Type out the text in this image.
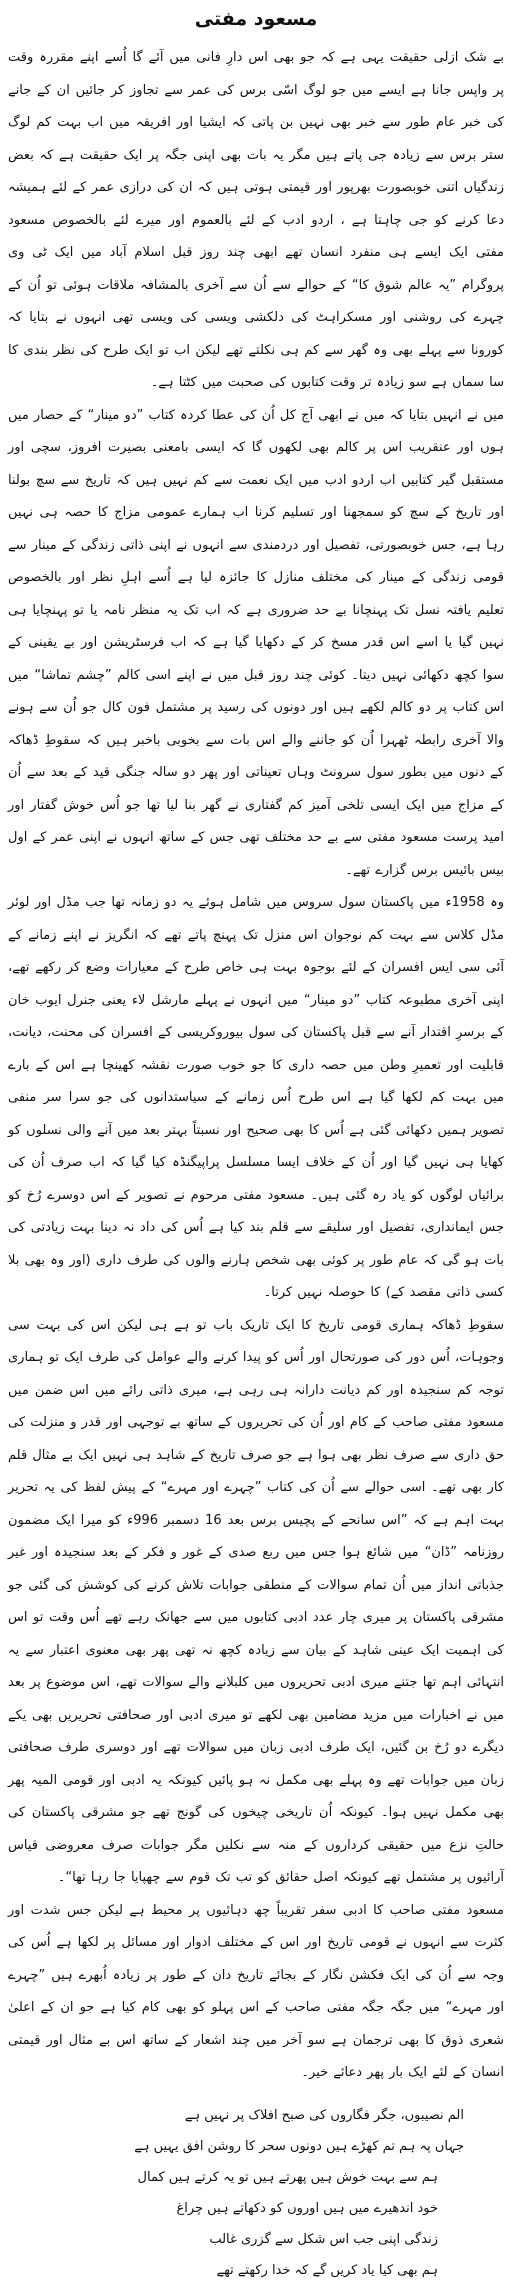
مسعود مفتی

بے شک ازلی حقیقت یہی ہے کہ جو بھی اس دارِ فانی میں آئے گا اُسے اپنے مقررہ وقت پر واپس جانا ہے ایسے میں جو لوگ اسّی برس کی عمر سے تجاوز کر جائیں ان کے جانے کی خبر عام طور سے خبر بھی نہیں بن پاتی کہ ایشیا اور افریقہ میں اب بہت کم لوگ ستر برس سے زیادہ جی پاتے ہیں مگر یہ بات بھی اپنی جگہ پر ایک حقیقت ہے کہ بعض زندگیاں اتنی خوبصورت بھرپور اور قیمتی ہوتی ہیں کہ ان کی درازی عمر کے لئے ہمیشہ دعا کرنے کو جی چاہتا ہے ، اردو ادب کے لئے بالعموم اور میرے لئے بالخصوص مسعود مفتی ایک ایسے ہی منفرد انسان تھے ابھی چند روز قبل اسلام آباد میں ایک ٹی وی پروگرام ”یہ عالم شوق کا“ کے حوالے سے اُن سے آخری بالمشافہ ملاقات ہوئی تو اُن کے چہرے کی روشنی اور مسکراہٹ کی دلکشی ویسی کی ویسی تھی انہوں نے بتایا کہ کورونا سے پہلے بھی وہ گھر سے کم ہی نکلتے تھے لیکن اب تو ایک طرح کی نظر بندی کا سا سماں ہے سو زیادہ تر وقت کتابوں کی صحبت میں کٹتا ہے۔

میں نے انہیں بتایا کہ میں نے ابھی آج کل اُن کی عطا کردہ کتاب ”دو مینار“ کے حصار میں ہوں اور عنقریب اس پر کالم بھی لکھوں گا کہ ایسی بامعنی بصیرت افروز، سچی اور مستقبل گیر کتابیں اب اردو ادب میں ایک نعمت سے کم نہیں ہیں کہ تاریخ سے سچ بولنا اور تاریخ کے سچ کو سمجھنا اور تسلیم کرنا اب ہمارے عمومی مزاج کا حصہ ہی نہیں رہا ہے، جس خوبصورتی، تفصیل اور دردمندی سے انہوں نے اپنی ذاتی زندگی کے مینار سے قومی زندگی کے مینار کی مختلف منازل کا جائزہ لیا ہے اُسے اہلِ نظر اور بالخصوص تعلیم یافتہ نسل تک پہنچانا بے حد ضروری ہے کہ اب تک یہ منظر نامہ یا تو پہنچایا ہی نہیں گیا یا اسے اس قدر مسخ کر کے دکھایا گیا ہے کہ اب فرسٹریشن اور بے یقینی کے سوا کچھ دکھائی نہیں دیتا۔ کوئی چند روز قبل میں نے اپنے اسی کالم ”چشم تماشا“ میں اس کتاب پر دو کالم لکھے ہیں اور دونوں کی رسید پر مشتمل فون کال جو اُن سے ہونے والا آخری رابطہ ٹھہرا اُن کو جاننے والے اس بات سے بخوبی باخبر ہیں کہ سقوطِ ڈھاکہ کے دنوں میں بطور سول سرونٹ وہاں تعیناتی اور پھر دو سالہ جنگی قید کے بعد سے اُن کے مزاج میں ایک ایسی تلخی آمیز کم گفتاری نے گھر بنا لیا تھا جو اُس خوش گفتار اور امید پرست مسعود مفتی سے بے حد مختلف تھی جس کے ساتھ انہوں نے اپنی عمر کے اول بیس بائیس برس گزارے تھے۔

وہ 1958ء میں پاکستان سول سروس میں شامل ہوئے یہ دو زمانہ تھا جب مڈل اور لوئر مڈل کلاس سے بہت کم نوجوان اس منزل تک پہنچ پاتے تھے کہ انگریز نے اپنے زمانے کے آئی سی ایس افسران کے لئے بوجوہ بہت ہی خاص طرح کے معیارات وضع کر رکھے تھے، اپنی آخری مطبوعہ کتاب ”دو مینار“ میں انہوں نے پہلے مارشل لاء یعنی جنرل ایوب خان کے برسرِ اقتدار آنے سے قبل پاکستان کی سول بیوروکریسی کے افسران کی محنت، دیانت، قابلیت اور تعمیرِ وطن میں حصہ داری کا جو خوب صورت نقشہ کھینچا ہے اس کے بارے میں بہت کم لکھا گیا ہے اس طرح اُس زمانے کے سیاستدانوں کی جو سرا سر منفی تصویر ہمیں دکھائی گئی ہے اُس کا بھی صحیح اور نسبتاً بہتر بعد میں آنے والی نسلوں کو کھایا ہی نہیں گیا اور اُن کے خلاف ایسا مسلسل پراپیگنڈہ کیا گیا کہ اب صرف اُن کی برائیاں لوگوں کو یاد رہ گئی ہیں۔ مسعود مفتی مرحوم نے تصویر کے اس دوسرے رُخ کو جس ایمانداری، تفصیل اور سلیقے سے قلم بند کیا ہے اُس کی داد نہ دینا بہت زیادتی کی بات ہو گی کہ عام طور پر کوئی بھی شخص ہارنے والوں کی طرف داری (اور وہ بھی بلا کسی ذاتی مقصد کے) کا حوصلہ نہیں کرتا۔

سقوطِ ڈھاکہ ہماری قومی تاریخ کا ایک تاریک باب تو ہے ہی لیکن اس کی بہت سی وجوہات، اُس دور کی صورتحال اور اُس کو پیدا کرنے والے عوامل کی طرف ایک تو ہماری توجہ کم سنجیدہ اور کم دیانت دارانہ ہی رہی ہے، میری ذاتی رائے میں اس ضمن میں مسعود مفتی صاحب کے کام اور اُن کی تحریروں کے ساتھ بے توجہی اور قدر و منزلت کی حق داری سے صرف نظر بھی ہوا ہے جو صرف تاریخ کے شاہد ہی نہیں ایک بے مثال قلم کار بھی تھے۔ اسی حوالے سے اُن کی کتاب ”چہرے اور مہرے“ کے پیش لفظ کی یہ تحریر بہت اہم ہے کہ ”اس سانحے کے پچیس برس بعد 16 دسمبر 996ء کو میرا ایک مضمون روزنامہ ”ڈان“ میں شائع ہوا جس میں ربع صدی کے غور و فکر کے بعد سنجیدہ اور غیر جذباتی انداز میں اُن تمام سوالات کے منطقی جوابات تلاش کرنے کی کوشش کی گئی جو مشرقی پاکستان پر میری چار عدد ادبی کتابوں میں سے جھانک رہے تھے اُس وقت تو اس کی اہمیت ایک عینی شاہد کے بیان سے زیادہ کچھ نہ تھی پھر بھی معنوی اعتبار سے یہ انتہائی اہم تھا جتنے میری ادبی تحریروں میں کلبلانے والے سوالات تھے، اس موضوع پر بعد میں نے اخبارات میں مزید مضامین بھی لکھے تو میری ادبی اور صحافتی تحریریں بھی یکے دیگرے دو رُخ بن گئیں، ایک طرف ادبی زبان میں سوالات تھے اور دوسری طرف صحافتی زبان میں جوابات تھے وہ پہلے بھی مکمل نہ ہو پائیں کیونکہ یہ ادبی اور قومی المیہ پھر بھی مکمل نہیں ہوا۔ کیونکہ اُن تاریخی چیخوں کی گونج تھے جو مشرقی پاکستان کی حالتِ نزع میں حقیقی کرداروں کے منہ سے نکلیں مگر جوابات صرف معروضی قیاس آرائیوں پر مشتمل تھے کیونکہ اصل حقائق کو تب تک قوم سے چھپایا جا رہا تھا“۔

مسعود مفتی صاحب کا ادبی سفر تقریباً چھ دہائیوں پر محیط ہے لیکن جس شدت اور کثرت سے انہوں نے قومی تاریخ اور اس کے مختلف ادوار اور مسائل پر لکھا ہے اُس کی وجہ سے اُن کی ایک فکشن نگار کے بجائے تاریخ دان کے طور پر زیادہ اُبھرے ہیں ”چہرے اور مہرے“ میں جگہ جگہ مفتی صاحب کے اس پہلو کو بھی کام کیا ہے جو ان کے اعلیٰ شعری ذوق کا بھی ترجمان ہے سو آخر میں چند اشعار کے ساتھ اس بے مثال اور قیمتی انسان کے لئے ایک بار پھر دعائے خیر۔

الم نصیبوں، جگر فگاروں کی صبح افلاک پر نہیں ہے
جہاں پہ ہم تم کھڑے ہیں دونوں سحر کا روشن افق یہیں ہے
ہم سے بہت خوش ہیں پھرتے ہیں تو یہ کرتے ہیں کمال
خود اندھیرے میں ہیں اوروں کو دکھاتے ہیں چراغ
زندگی اپنی جب اس شکل سے گزری غالب
ہم بھی کیا یاد کریں گے کہ خدا رکھتے تھے
